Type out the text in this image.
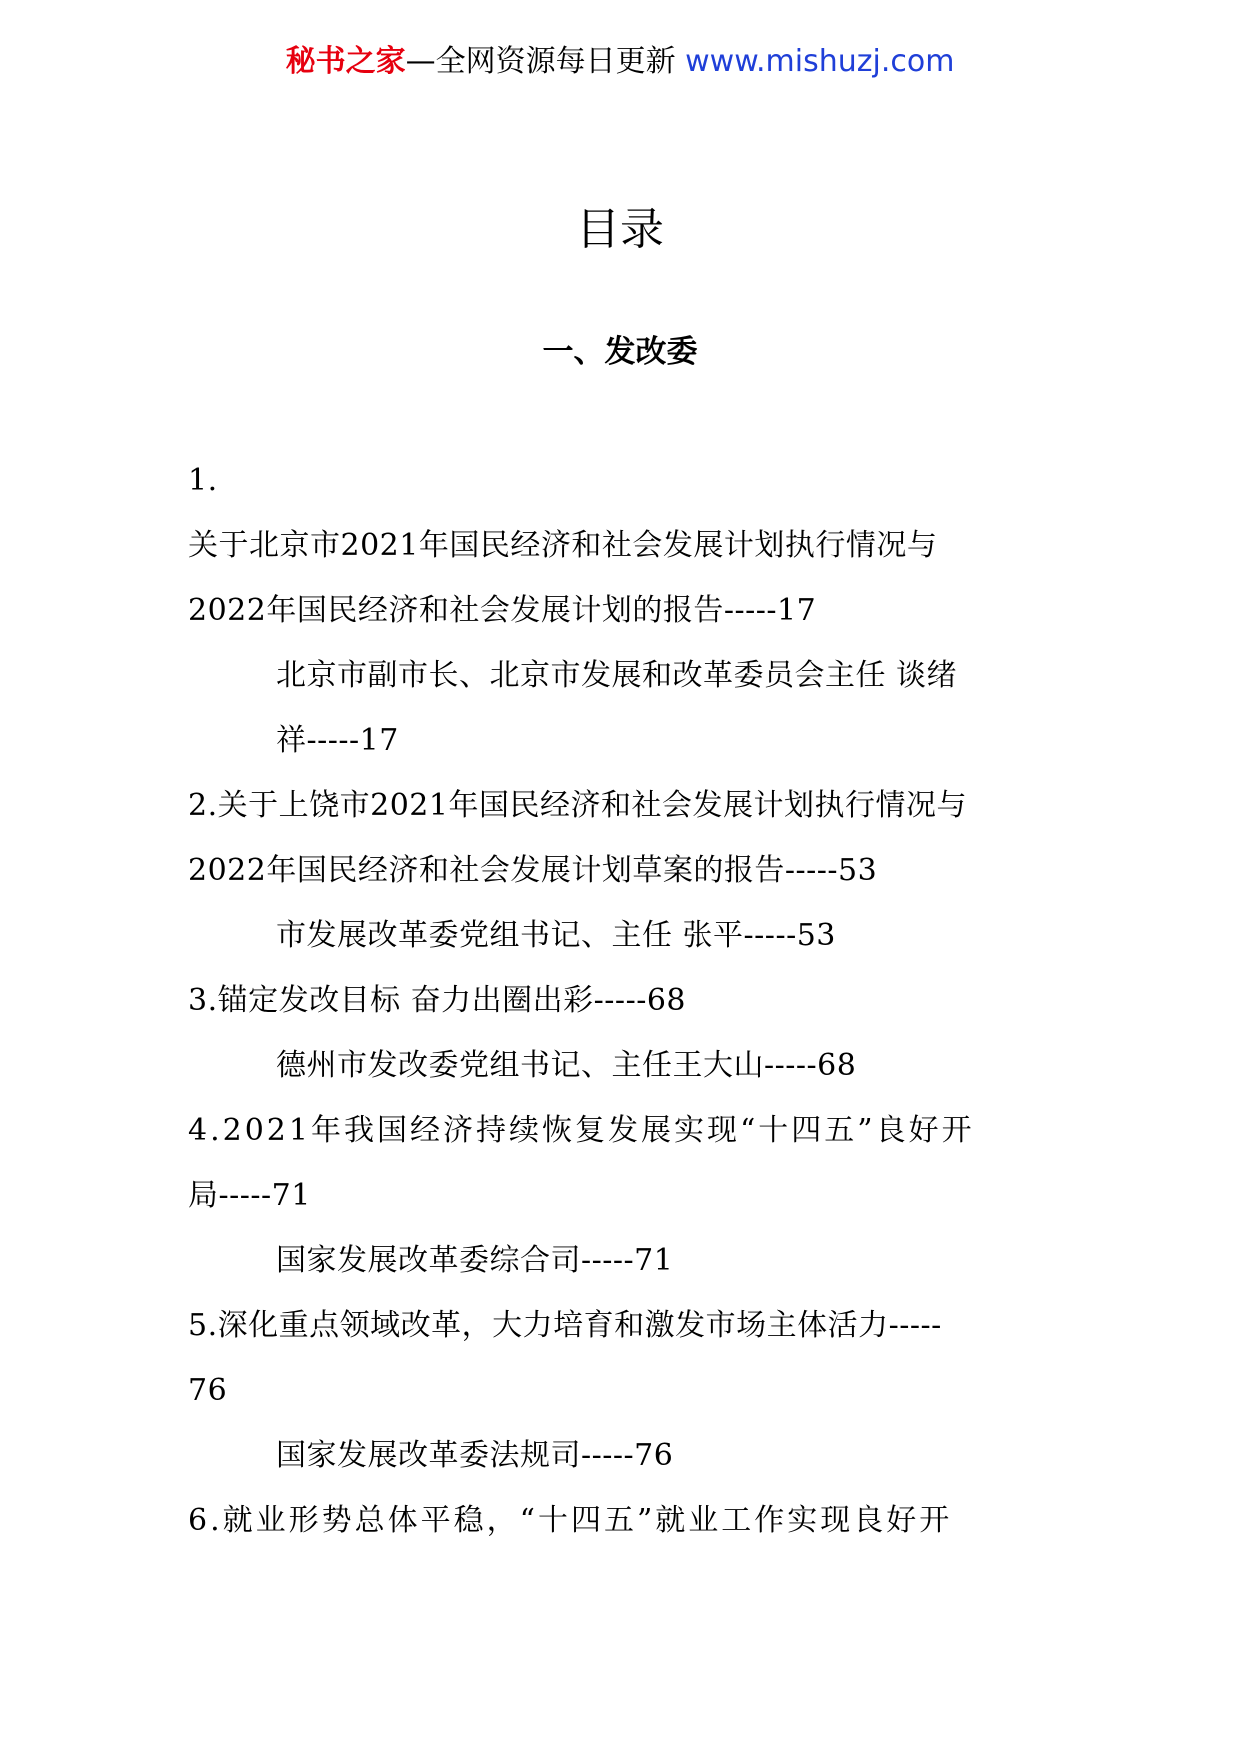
秘书之家—全网资源每日更新 www.mishuzj.com
目录
一、发改委
1.
关于北京市2021年国民经济和社会发展计划执行情况与
2022年国民经济和社会发展计划的报告-----17
北京市副市长、北京市发展和改革委员会主任 谈绪
祥-----17
2.关于上饶市2021年国民经济和社会发展计划执行情况与
2022年国民经济和社会发展计划草案的报告-----53
市发展改革委党组书记、主任 张平-----53
3.锚定发改目标 奋力出圈出彩-----68
德州市发改委党组书记、主任王大山-----68
4.2021年我国经济持续恢复发展实现“十四五”良好开
局-----71
国家发展改革委综合司-----71
5.深化重点领域改革，大力培育和激发市场主体活力-----
76
国家发展改革委法规司-----76
6.就业形势总体平稳，“十四五”就业工作实现良好开
